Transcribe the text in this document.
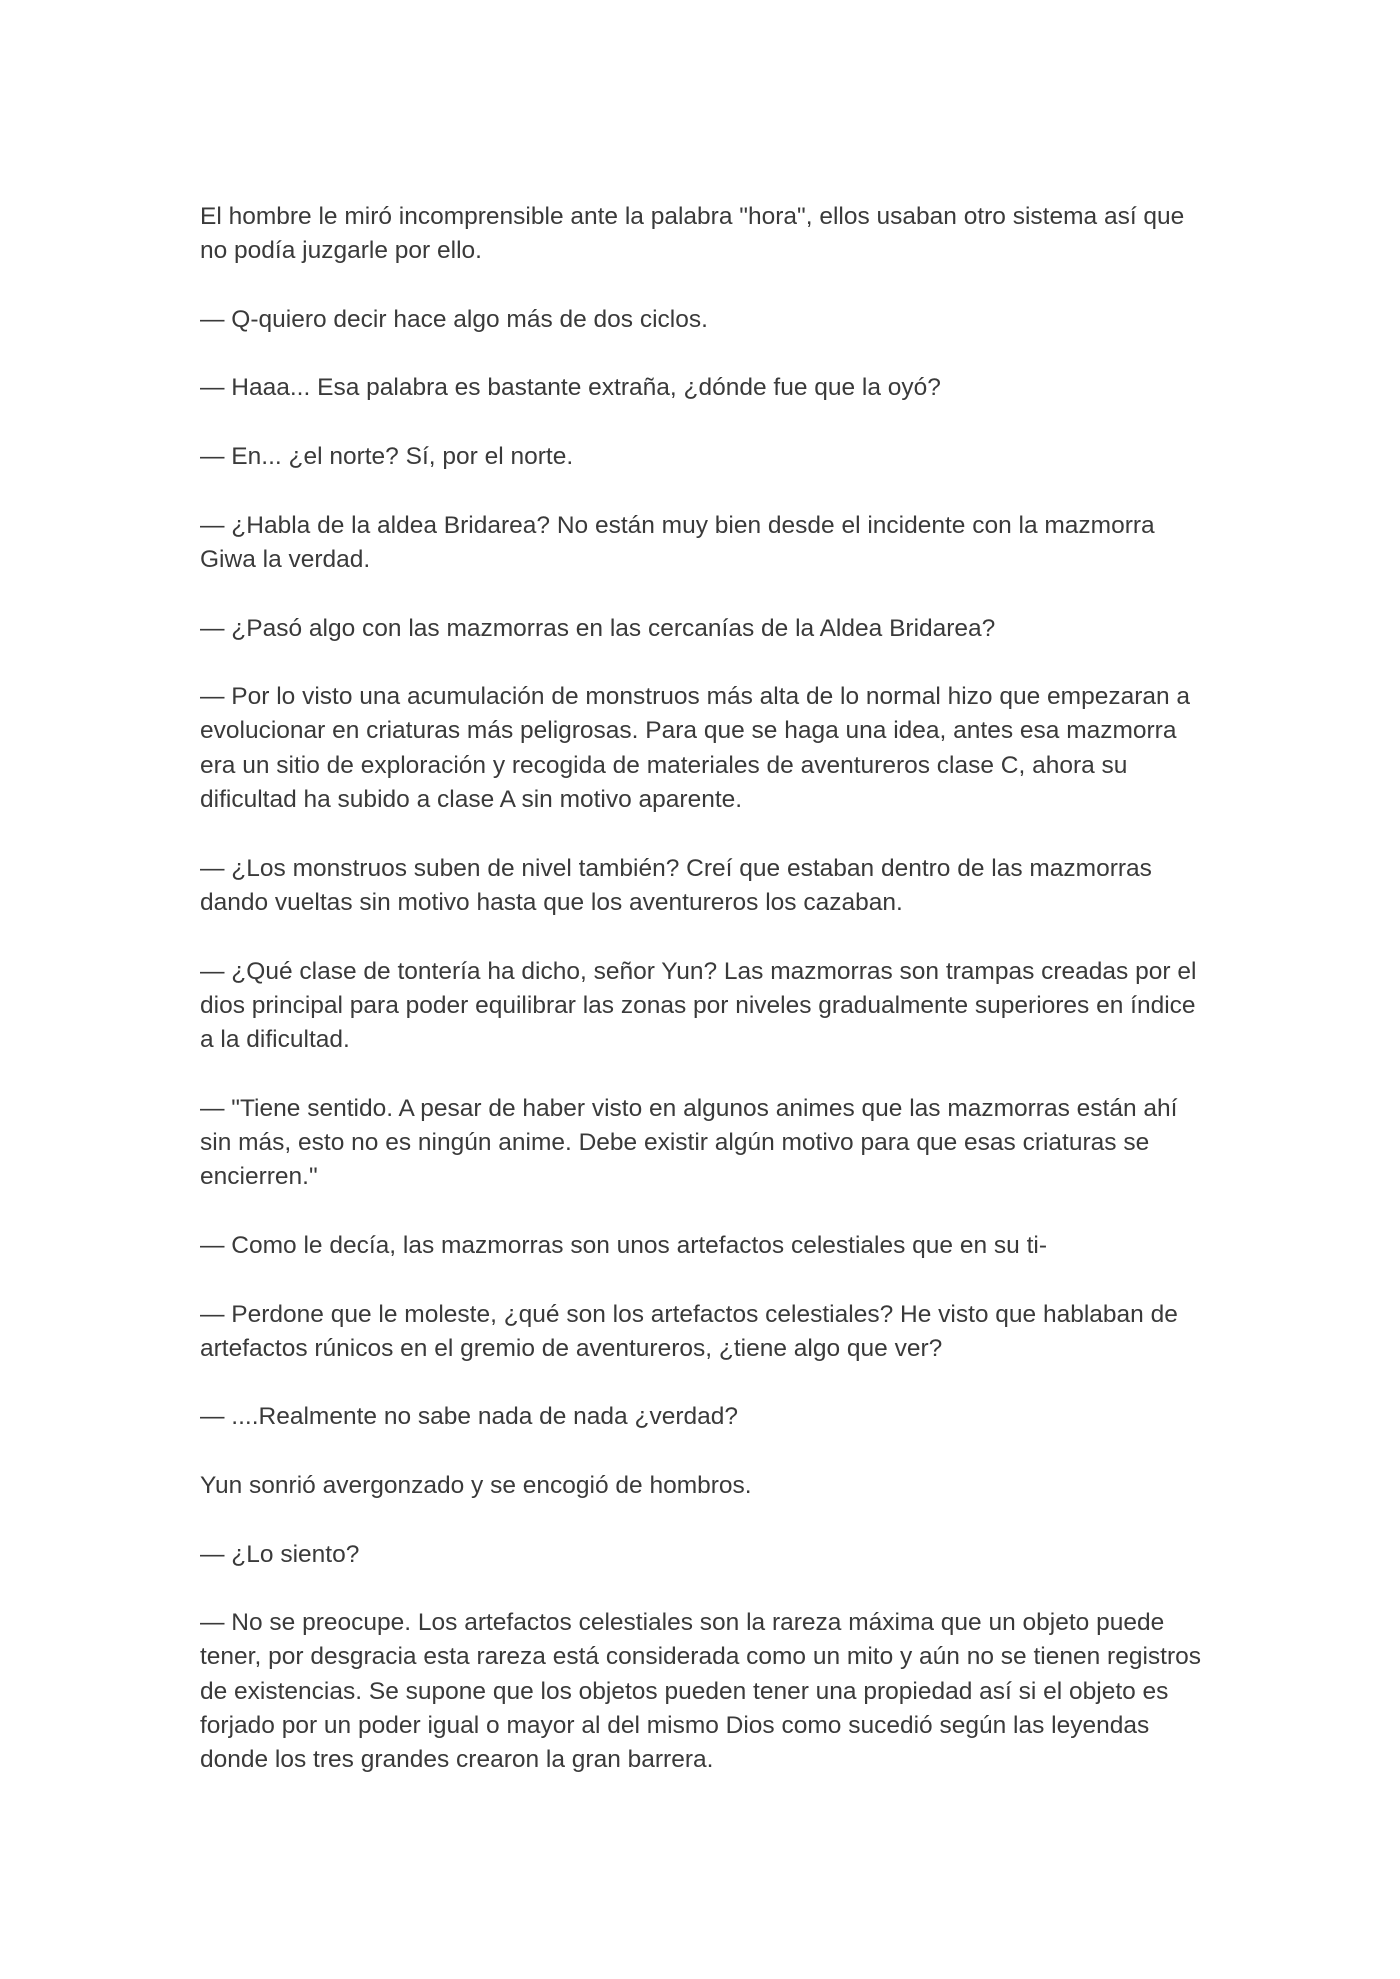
El hombre le miró incomprensible ante la palabra "hora", ellos usaban otro sistema así que no podía juzgarle por ello.

— Q-quiero decir hace algo más de dos ciclos.

— Haaa... Esa palabra es bastante extraña, ¿dónde fue que la oyó?

— En... ¿el norte? Sí, por el norte.

— ¿Habla de la aldea Bridarea? No están muy bien desde el incidente con la mazmorra Giwa la verdad.

— ¿Pasó algo con las mazmorras en las cercanías de la Aldea Bridarea?

— Por lo visto una acumulación de monstruos más alta de lo normal hizo que empezaran a evolucionar en criaturas más peligrosas. Para que se haga una idea, antes esa mazmorra era un sitio de exploración y recogida de materiales de aventureros clase C, ahora su dificultad ha subido a clase A sin motivo aparente.

— ¿Los monstruos suben de nivel también? Creí que estaban dentro de las mazmorras dando vueltas sin motivo hasta que los aventureros los cazaban.

— ¿Qué clase de tontería ha dicho, señor Yun? Las mazmorras son trampas creadas por el dios principal para poder equilibrar las zonas por niveles gradualmente superiores en índice a la dificultad.

— "Tiene sentido. A pesar de haber visto en algunos animes que las mazmorras están ahí sin más, esto no es ningún anime. Debe existir algún motivo para que esas criaturas se encierren."

— Como le decía, las mazmorras son unos artefactos celestiales que en su ti-

— Perdone que le moleste, ¿qué son los artefactos celestiales? He visto que hablaban de artefactos rúnicos en el gremio de aventureros, ¿tiene algo que ver?

— ....Realmente no sabe nada de nada ¿verdad?

Yun sonrió avergonzado y se encogió de hombros.

— ¿Lo siento?

— No se preocupe. Los artefactos celestiales son la rareza máxima que un objeto puede tener, por desgracia esta rareza está considerada como un mito y aún no se tienen registros de existencias. Se supone que los objetos pueden tener una propiedad así si el objeto es forjado por un poder igual o mayor al del mismo Dios como sucedió según las leyendas donde los tres grandes crearon la gran barrera.
